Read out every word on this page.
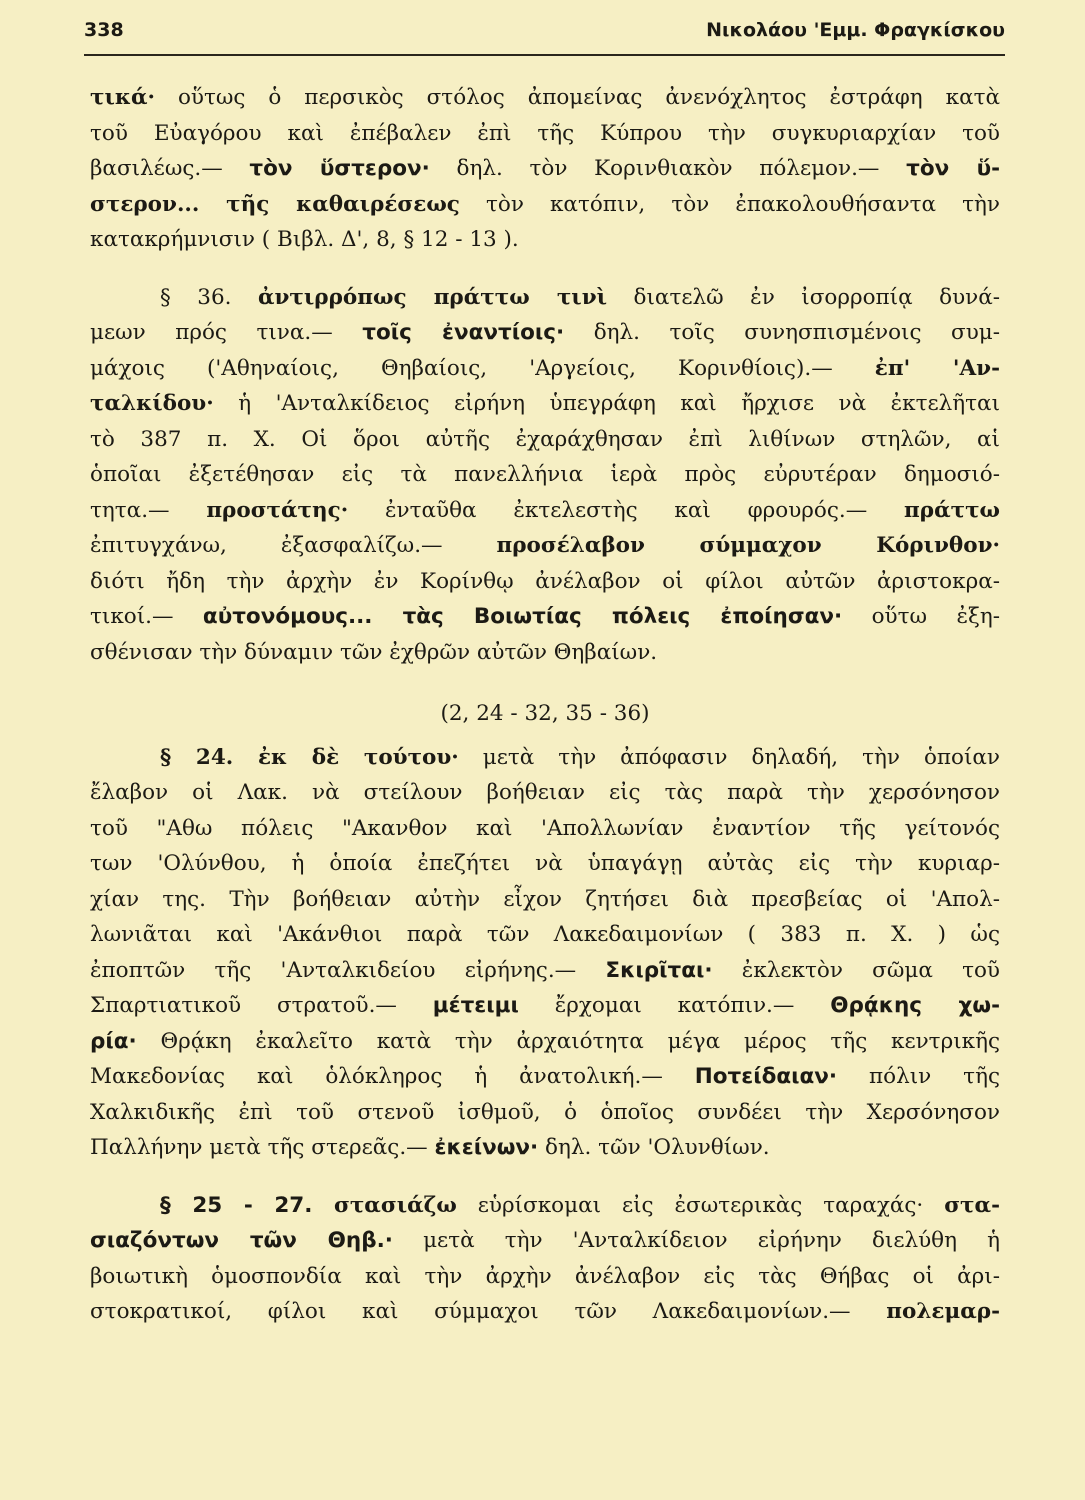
338	Νικολάου 'Εμμ. Φραγκίσκου
τικά· οὕτως ὁ περσικὸς στόλος ἀπομείνας ἀνενόχλητος ἐστράφη κατὰ
τοῦ Εὐαγόρου καὶ ἐπέβαλεν ἐπὶ τῆς Κύπρου τὴν συγκυριαρχίαν τοῦ
βασιλέως.— τὸν ὕστερον· δηλ. τὸν Κορινθιακὸν πόλεμον.— τὸν ὕ-
στερον... τῆς καθαιρέσεως τὸν κατόπιν, τὸν ἐπακολουθήσαντα τὴν
κατακρήμνισιν ( Βιβλ. Δ', 8, § 12 - 13 ).
§ 36. ἀντιρρόπως πράττω τινὶ διατελῶ ἐν ἰσορροπίᾳ δυνά-
μεων πρός τινα.— τοῖς ἐναντίοις· δηλ. τοῖς συνησπισμένοις συμ-
μάχοις ('Αθηναίοις, Θηβαίοις, 'Αργείοις, Κορινθίοις).— ἐπ' 'Αν-
ταλκίδου· ἡ 'Ανταλκίδειος εἰρήνη ὑπεγράφη καὶ ἤρχισε νὰ ἐκτελῆται
τὸ 387 π. Χ. Οἱ ὅροι αὐτῆς ἐχαράχθησαν ἐπὶ λιθίνων στηλῶν, αἱ
ὁποῖαι ἐξετέθησαν εἰς τὰ πανελλήνια ἱερὰ πρὸς εὐρυτέραν δημοσιό-
τητα.— προστάτης· ἐνταῦθα ἐκτελεστὴς καὶ φρουρός.— πράττω
ἐπιτυγχάνω, ἐξασφαλίζω.— προσέλαβον σύμμαχον Κόρινθον·
διότι ἤδη τὴν ἀρχὴν ἐν Κορίνθῳ ἀνέλαβον οἱ φίλοι αὐτῶν ἀριστοκρα-
τικοί.— αὐτονόμους... τὰς Βοιωτίας πόλεις ἐποίησαν· οὕτω ἐξη-
σθένισαν τὴν δύναμιν τῶν ἐχθρῶν αὐτῶν Θηβαίων.
(2, 24 - 32, 35 - 36)
§ 24. ἐκ δὲ τούτου· μετὰ τὴν ἀπόφασιν δηλαδή, τὴν ὁποίαν
ἔλαβον οἱ Λακ. νὰ στείλουν βοήθειαν εἰς τὰς παρὰ τὴν χερσόνησον
τοῦ "Αθω πόλεις "Ακανθον καὶ 'Απολλωνίαν ἐναντίον τῆς γείτονός
των 'Ολύνθου, ἡ ὁποία ἐπεζήτει νὰ ὑπαγάγῃ αὐτὰς εἰς τὴν κυριαρ-
χίαν της. Τὴν βοήθειαν αὐτὴν εἶχον ζητήσει διὰ πρεσβείας οἱ 'Απολ-
λωνιᾶται καὶ 'Ακάνθιοι παρὰ τῶν Λακεδαιμονίων ( 383 π. Χ. ) ὡς
ἐποπτῶν τῆς 'Ανταλκιδείου εἰρήνης.— Σκιρῖται· ἐκλεκτὸν σῶμα τοῦ
Σπαρτιατικοῦ στρατοῦ.— μέτειμι ἔρχομαι κατόπιν.— Θρᾴκης χω-
ρία· Θρᾴκη ἐκαλεῖτο κατὰ τὴν ἀρχαιότητα μέγα μέρος τῆς κεντρικῆς
Μακεδονίας καὶ ὁλόκληρος ἡ ἀνατολική.— Ποτείδαιαν· πόλιν τῆς
Χαλκιδικῆς ἐπὶ τοῦ στενοῦ ἰσθμοῦ, ὁ ὁποῖος συνδέει τὴν Χερσόνησον
Παλλήνην μετὰ τῆς στερεᾶς.— ἐκείνων· δηλ. τῶν 'Ολυνθίων.
§ 25 - 27. στασιάζω εὑρίσκομαι εἰς ἐσωτερικὰς ταραχάς· στα-
σιαζόντων τῶν Θηβ.· μετὰ τὴν 'Ανταλκίδειον εἰρήνην διελύθη ἡ
βοιωτικὴ ὁμοσπονδία καὶ τὴν ἀρχὴν ἀνέλαβον εἰς τὰς Θήβας οἱ ἀρι-
στοκρατικοί, φίλοι καὶ σύμμαχοι τῶν Λακεδαιμονίων.— πολεμαρ-
